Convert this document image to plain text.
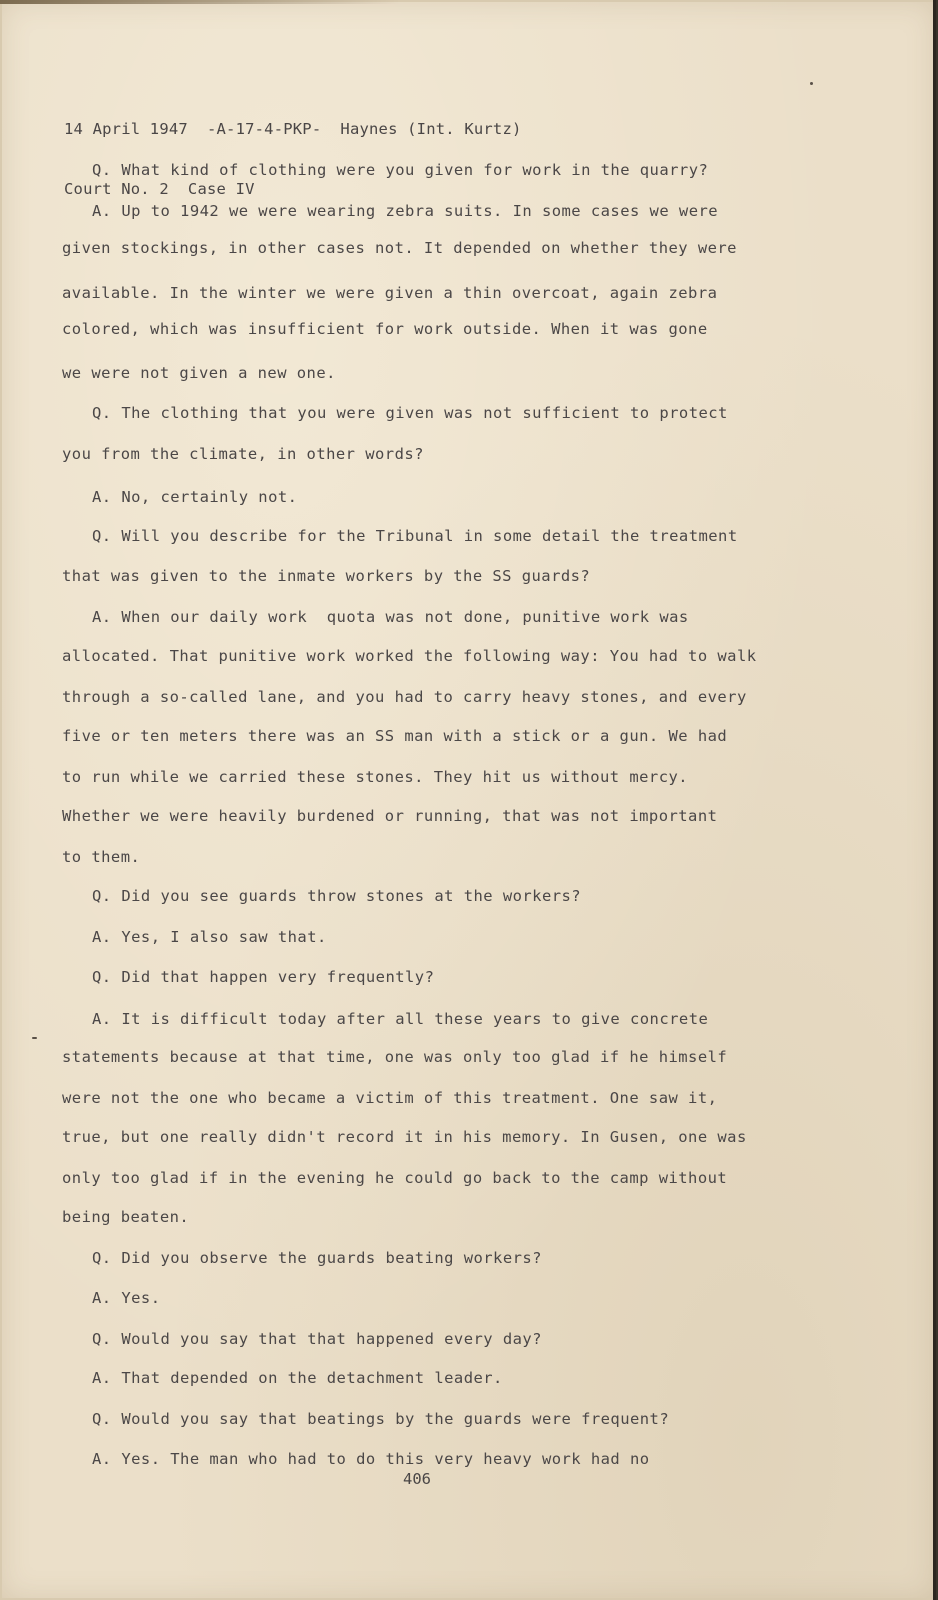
14 April 1947  -A-17-4-PKP-  Haynes (Int. Kurtz)

Court No. 2  Case IV

Q. What kind of clothing were you given for work in the quarry?
A. Up to 1942 we were wearing zebra suits. In some cases we were
given stockings, in other cases not. It depended on whether they were
available. In the winter we were given a thin overcoat, again zebra
colored, which was insufficient for work outside. When it was gone
we were not given a new one.
Q. The clothing that you were given was not sufficient to protect
you from the climate, in other words?
A. No, certainly not.
Q. Will you describe for the Tribunal in some detail the treatment
that was given to the inmate workers by the SS guards?
A. When our daily work  quota was not done, punitive work was
allocated. That punitive work worked the following way: You had to walk
through a so-called lane, and you had to carry heavy stones, and every
five or ten meters there was an SS man with a stick or a gun. We had
to run while we carried these stones. They hit us without mercy.
Whether we were heavily burdened or running, that was not important
to them.
Q. Did you see guards throw stones at the workers?
A. Yes, I also saw that.
Q. Did that happen very frequently?
A. It is difficult today after all these years to give concrete
statements because at that time, one was only too glad if he himself
were not the one who became a victim of this treatment. One saw it,
true, but one really didn't record it in his memory. In Gusen, one was
only too glad if in the evening he could go back to the camp without
being beaten.
Q. Did you observe the guards beating workers?
A. Yes.
Q. Would you say that that happened every day?
A. That depended on the detachment leader.
Q. Would you say that beatings by the guards were frequent?
A. Yes. The man who had to do this very heavy work had no
406
